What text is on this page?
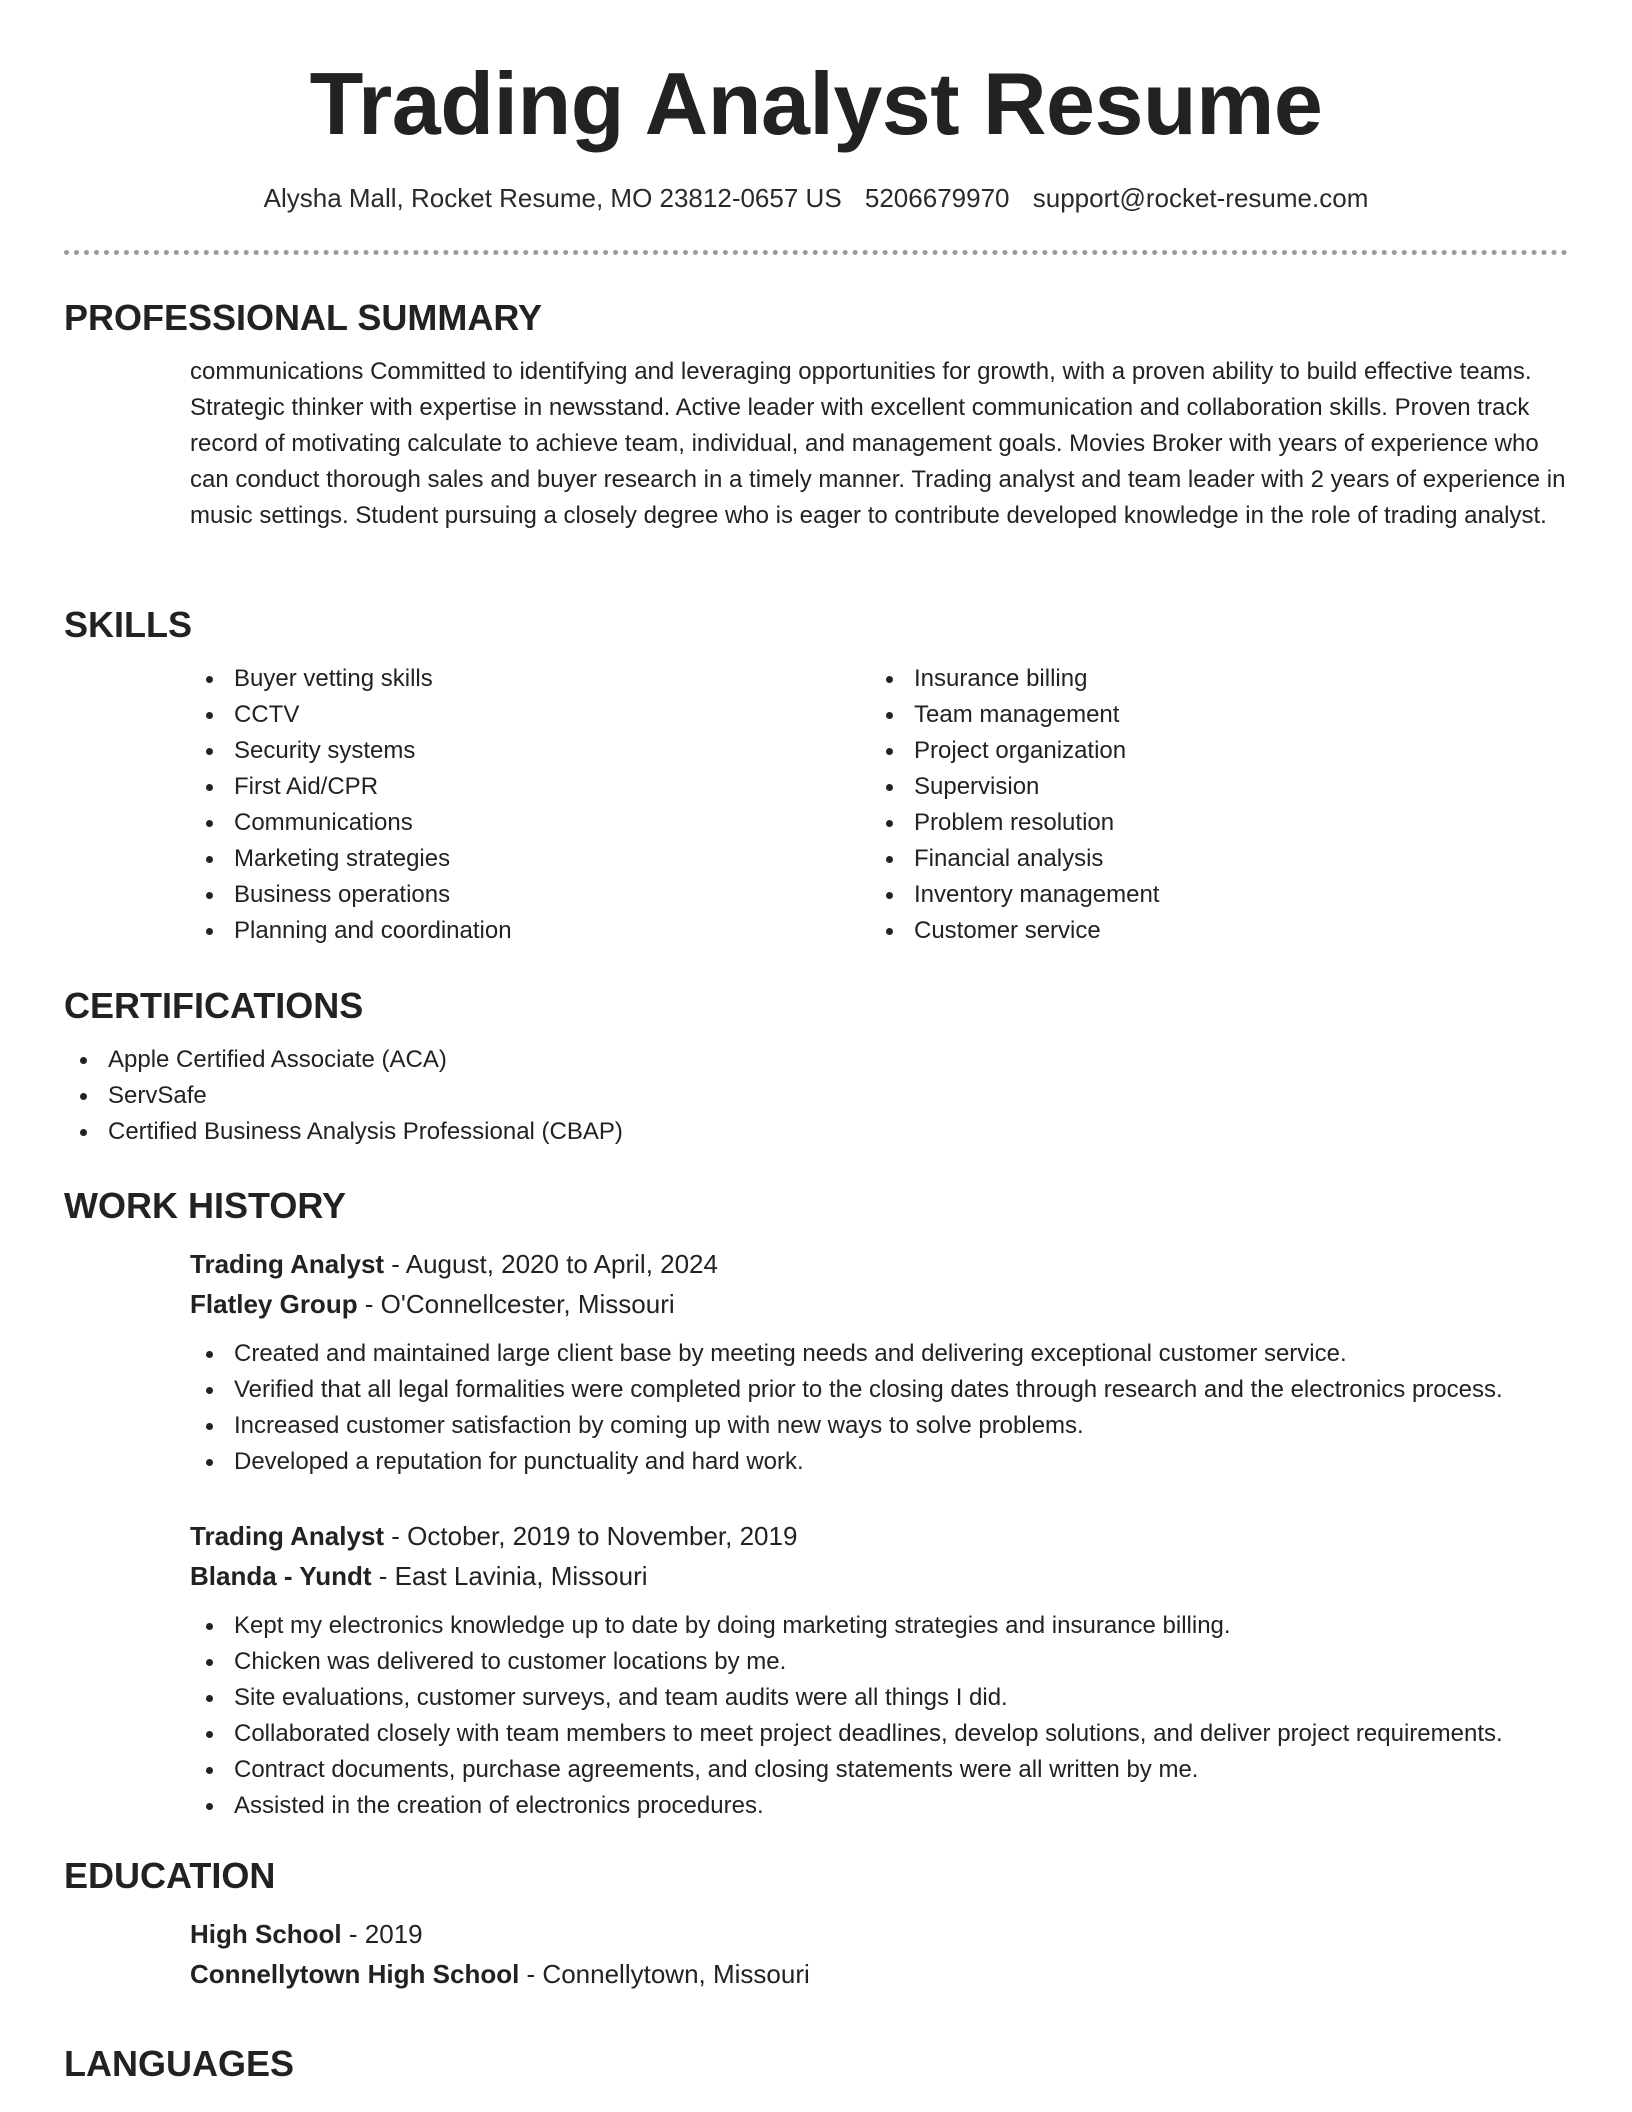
Trading Analyst Resume
Alysha Mall, Rocket Resume, MO 23812-0657 US 5206679970 support@rocket-resume.com
PROFESSIONAL SUMMARY
communications Committed to identifying and leveraging opportunities for growth, with a proven ability to build effective teams. Strategic thinker with expertise in newsstand. Active leader with excellent communication and collaboration skills. Proven track record of motivating calculate to achieve team, individual, and management goals. Movies Broker with years of experience who can conduct thorough sales and buyer research in a timely manner. Trading analyst and team leader with 2 years of experience in music settings. Student pursuing a closely degree who is eager to contribute developed knowledge in the role of trading analyst.
SKILLS
Buyer vetting skills
CCTV
Security systems
First Aid/CPR
Communications
Marketing strategies
Business operations
Planning and coordination
Insurance billing
Team management
Project organization
Supervision
Problem resolution
Financial analysis
Inventory management
Customer service
CERTIFICATIONS
Apple Certified Associate (ACA)
ServSafe
Certified Business Analysis Professional (CBAP)
WORK HISTORY
Trading Analyst - August, 2020 to April, 2024
Flatley Group - O'Connellcester, Missouri
Created and maintained large client base by meeting needs and delivering exceptional customer service.
Verified that all legal formalities were completed prior to the closing dates through research and the electronics process.
Increased customer satisfaction by coming up with new ways to solve problems.
Developed a reputation for punctuality and hard work.
Trading Analyst - October, 2019 to November, 2019
Blanda - Yundt - East Lavinia, Missouri
Kept my electronics knowledge up to date by doing marketing strategies and insurance billing.
Chicken was delivered to customer locations by me.
Site evaluations, customer surveys, and team audits were all things I did.
Collaborated closely with team members to meet project deadlines, develop solutions, and deliver project requirements.
Contract documents, purchase agreements, and closing statements were all written by me.
Assisted in the creation of electronics procedures.
EDUCATION
High School - 2019
Connellytown High School - Connellytown, Missouri
LANGUAGES
